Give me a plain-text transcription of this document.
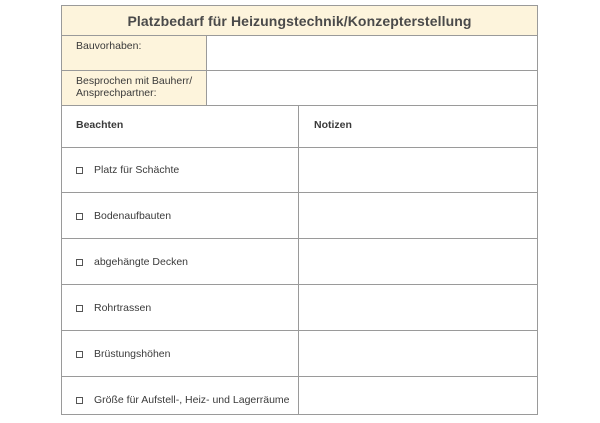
Platzbedarf für Heizungstechnik/Konzepterstellung
Bauvorhaben:
Besprochen mit Bauherr/
Ansprechpartner:
Beachten	Notizen
Platz für Schächte
Bodenaufbauten
abgehängte Decken
Rohrtrassen
Brüstungshöhen
Größe für Aufstell-, Heiz- und Lagerräume
